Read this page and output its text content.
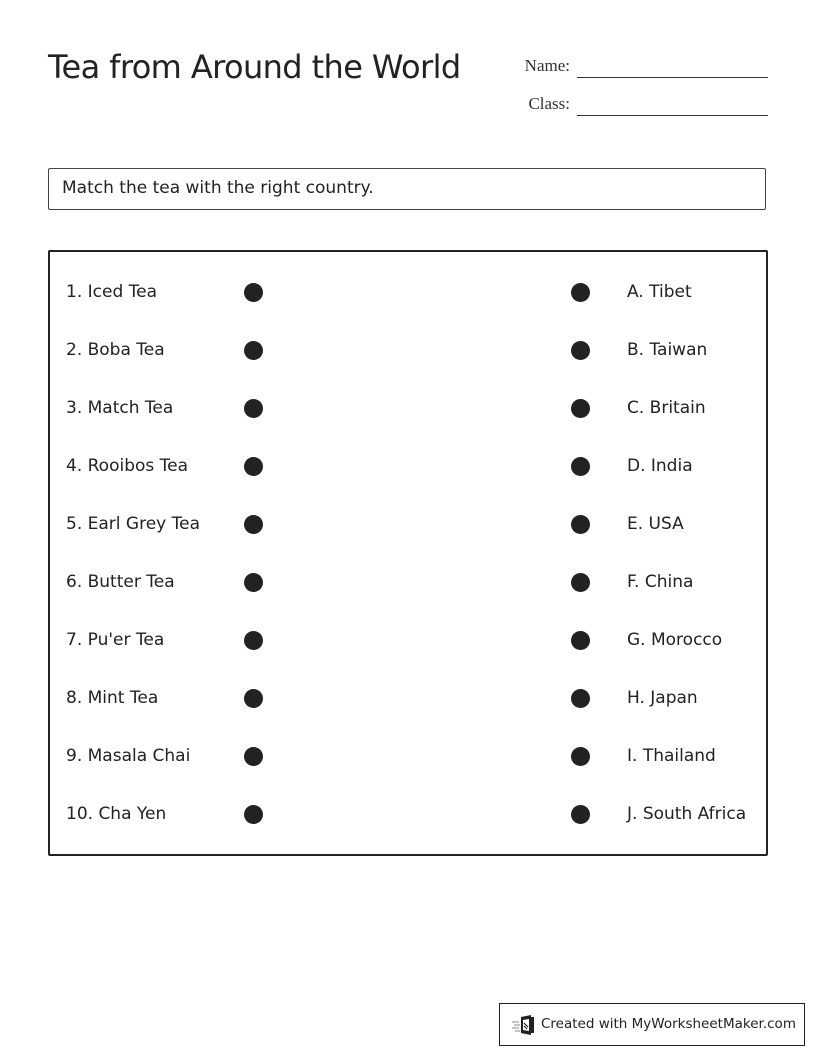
Tea from Around the World	Name:
Class:
Match the tea with the right country.
1. Iced Tea	A. Tibet
2. Boba Tea	B. Taiwan
3. Match Tea	C. Britain
4. Rooibos Tea	D. India
5. Earl Grey Tea	E. USA
6. Butter Tea	F. China
7. Pu'er Tea	G. Morocco
8. Mint Tea	H. Japan
9. Masala Chai	I. Thailand
10. Cha Yen	J. South Africa
Created with MyWorksheetMaker.com
